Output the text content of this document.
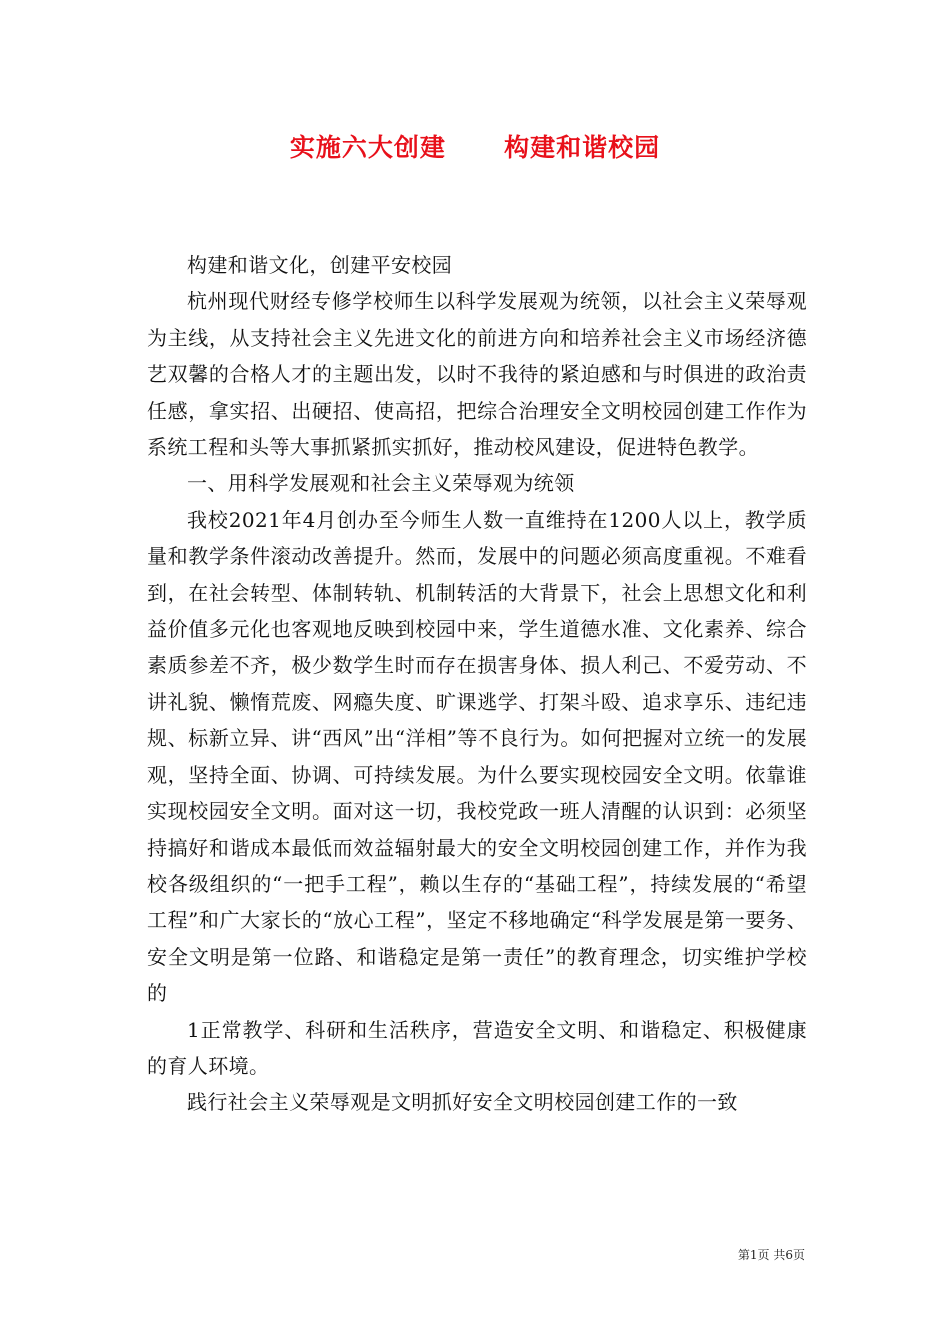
实施六大创建      构建和谐校园

构建和谐文化，创建平安校园

杭州现代财经专修学校师生以科学发展观为统领，以社会主义荣辱观为主线，从支持社会主义先进文化的前进方向和培养社会主义市场经济德艺双馨的合格人才的主题出发，以时不我待的紧迫感和与时俱进的政治责任感，拿实招、出硬招、使高招，把综合治理安全文明校园创建工作作为系统工程和头等大事抓紧抓实抓好，推动校风建设，促进特色教学。

一、用科学发展观和社会主义荣辱观为统领

我校2021年4月创办至今师生人数一直维持在1200人以上，教学质量和教学条件滚动改善提升。然而，发展中的问题必须高度重视。不难看到，在社会转型、体制转轨、机制转活的大背景下，社会上思想文化和利益价值多元化也客观地反映到校园中来，学生道德水准、文化素养、综合素质参差不齐，极少数学生时而存在损害身体、损人利己、不爱劳动、不讲礼貌、懒惰荒废、网瘾失度、旷课逃学、打架斗殴、追求享乐、违纪违规、标新立异、讲“西风”出“洋相”等不良行为。如何把握对立统一的发展观，坚持全面、协调、可持续发展。为什么要实现校园安全文明。依靠谁实现校园安全文明。面对这一切，我校党政一班人清醒的认识到：必须坚持搞好和谐成本最低而效益辐射最大的安全文明校园创建工作，并作为我校各级组织的“一把手工程”，赖以生存的“基础工程”，持续发展的“希望工程”和广大家长的“放心工程”，坚定不移地确定“科学发展是第一要务、安全文明是第一位路、和谐稳定是第一责任”的教育理念，切实维护学校的

1正常教学、科研和生活秩序，营造安全文明、和谐稳定、积极健康的育人环境。

践行社会主义荣辱观是文明抓好安全文明校园创建工作的一致

第1页 共6页
